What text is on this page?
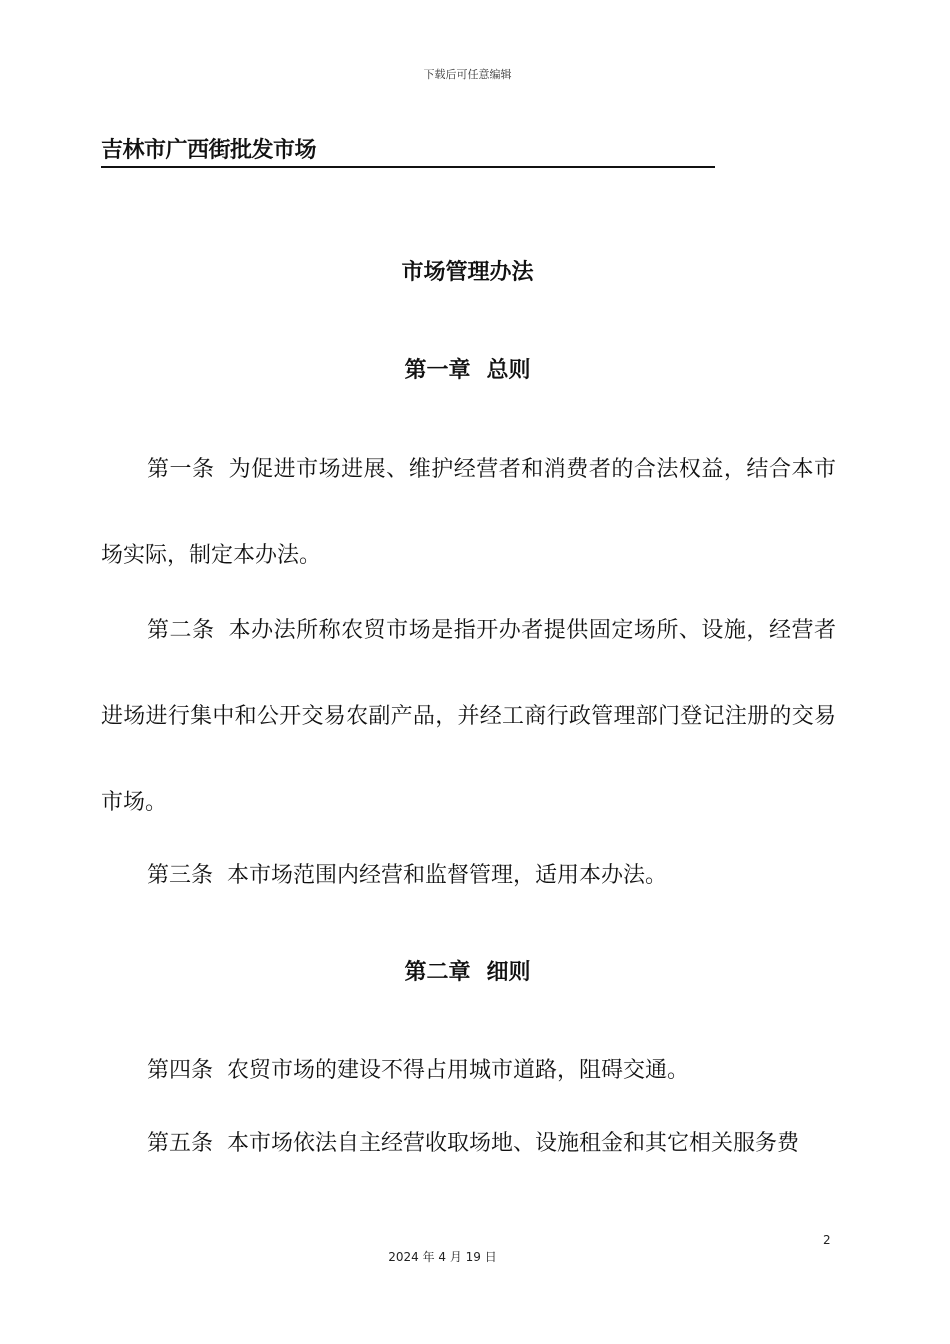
下载后可任意编辑
吉林市广西街批发市场
市场管理办法
第一章 总则
第一条 为促进市场进展、维护经营者和消费者的合法权益，结合本市场实际，制定本办法。
第二条 本办法所称农贸市场是指开办者提供固定场所、设施，经营者进场进行集中和公开交易农副产品，并经工商行政管理部门登记注册的交易市场。
第三条 本市场范围内经营和监督管理，适用本办法。
第二章 细则
第四条 农贸市场的建设不得占用城市道路，阻碍交通。
第五条 本市场依法自主经营收取场地、设施租金和其它相关服务费
2
2024 年 4 月 19 日
